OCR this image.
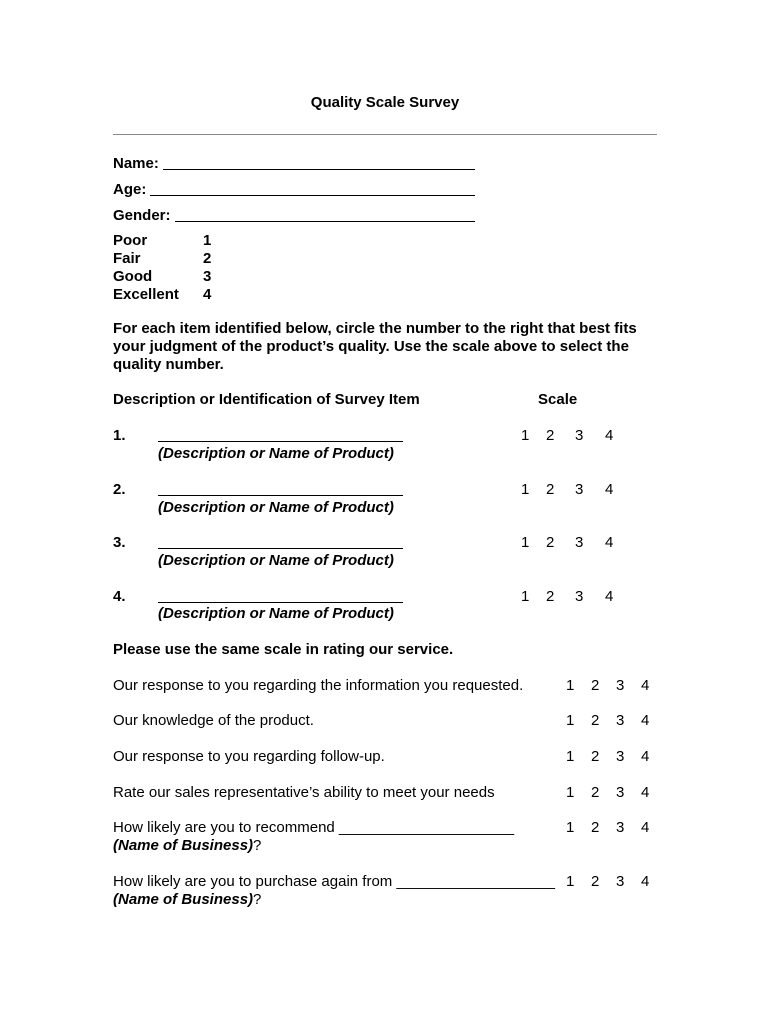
Quality Scale Survey
Name:
Age:
Gender:
Poor	1
Fair	2
Good	3
Excellent 4
For each item identified below, circle the number to the right that best fits
your judgment of the product’s quality. Use the scale above to select the
quality number.
Description or Identification of Survey Item	Scale
1.
(Description or Name of Product)
1 2 3 4
2.
(Description or Name of Product)
1 2 3 4
3.
(Description or Name of Product)
1 2 3 4
4.
(Description or Name of Product)
1 2 3 4
Please use the same scale in rating our service.
Our response to you regarding the information you requested.	1 2 3 4
Our knowledge of the product.	1 2 3 4
Our response to you regarding follow-up.	1 2 3 4
Rate our sales representative’s ability to meet your needs	1 2 3 4
How likely are you to recommend _____________________
(Name of Business)?
1 2 3 4
How likely are you to purchase again from ___________________
(Name of Business)?
1 2 3 4
